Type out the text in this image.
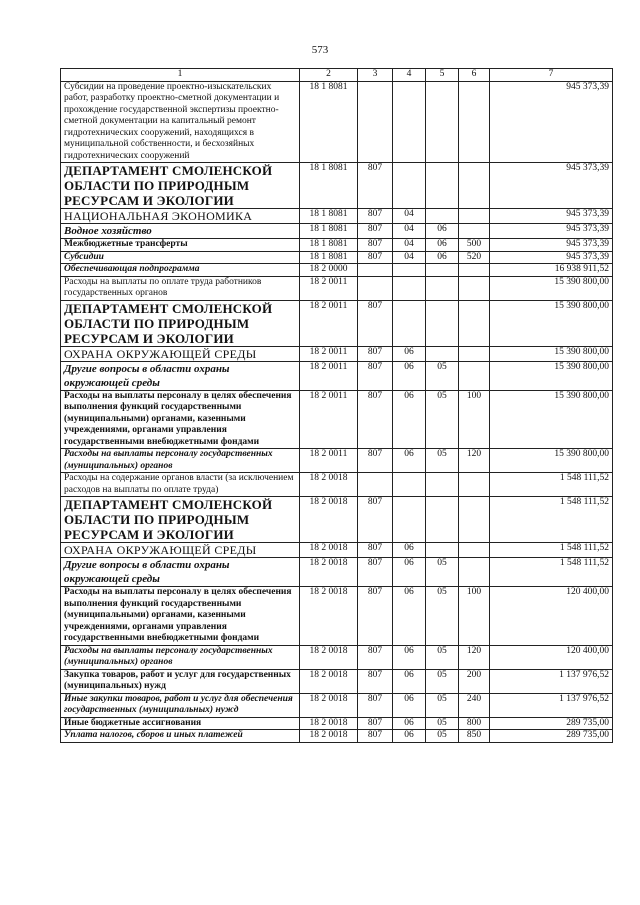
573
1	2	3	4	5	6	7
Субсидии на проведение проектно-изыскательских работ, разработку проектно-сметной документации и прохождение государственной экспертизы проектно-сметной документации на капитальный ремонт гидротехнических сооружений, находящихся в муниципальной собственности, и бесхозяйных гидротехнических сооружений	18 1 8081					945 373,39
ДЕПАРТАМЕНТ СМОЛЕНСКОЙ ОБЛАСТИ ПО ПРИРОДНЫМ РЕСУРСАМ И ЭКОЛОГИИ	18 1 8081	807				945 373,39
НАЦИОНАЛЬНАЯ ЭКОНОМИКА	18 1 8081	807	04			945 373,39
Водное хозяйство	18 1 8081	807	04	06		945 373,39
Межбюджетные трансферты	18 1 8081	807	04	06	500	945 373,39
Субсидии	18 1 8081	807	04	06	520	945 373,39
Обеспечивающая подпрограмма	18 2 0000					16 938 911,52
Расходы на выплаты по оплате труда работников государственных органов	18 2 0011					15 390 800,00
ДЕПАРТАМЕНТ СМОЛЕНСКОЙ ОБЛАСТИ ПО ПРИРОДНЫМ РЕСУРСАМ И ЭКОЛОГИИ	18 2 0011	807				15 390 800,00
ОХРАНА ОКРУЖАЮЩЕЙ СРЕДЫ	18 2 0011	807	06			15 390 800,00
Другие вопросы в области охраны окружающей среды	18 2 0011	807	06	05		15 390 800,00
Расходы на выплаты персоналу в целях обеспечения выполнения функций государственными (муниципальными) органами, казенными учреждениями, органами управления государственными внебюджетными фондами	18 2 0011	807	06	05	100	15 390 800,00
Расходы на выплаты персоналу государственных (муниципальных) органов	18 2 0011	807	06	05	120	15 390 800,00
Расходы на содержание органов власти (за исключением расходов на выплаты по оплате труда)	18 2 0018					1 548 111,52
ДЕПАРТАМЕНТ СМОЛЕНСКОЙ ОБЛАСТИ ПО ПРИРОДНЫМ РЕСУРСАМ И ЭКОЛОГИИ	18 2 0018	807				1 548 111,52
ОХРАНА ОКРУЖАЮЩЕЙ СРЕДЫ	18 2 0018	807	06			1 548 111,52
Другие вопросы в области охраны окружающей среды	18 2 0018	807	06	05		1 548 111,52
Расходы на выплаты персоналу в целях обеспечения выполнения функций государственными (муниципальными) органами, казенными учреждениями, органами управления государственными внебюджетными фондами	18 2 0018	807	06	05	100	120 400,00
Расходы на выплаты персоналу государственных (муниципальных) органов	18 2 0018	807	06	05	120	120 400,00
Закупка товаров, работ и услуг для государственных (муниципальных) нужд	18 2 0018	807	06	05	200	1 137 976,52
Иные закупки товаров, работ и услуг для обеспечения государственных (муниципальных) нужд	18 2 0018	807	06	05	240	1 137 976,52
Иные бюджетные ассигнования	18 2 0018	807	06	05	800	289 735,00
Уплата налогов, сборов и иных платежей	18 2 0018	807	06	05	850	289 735,00
